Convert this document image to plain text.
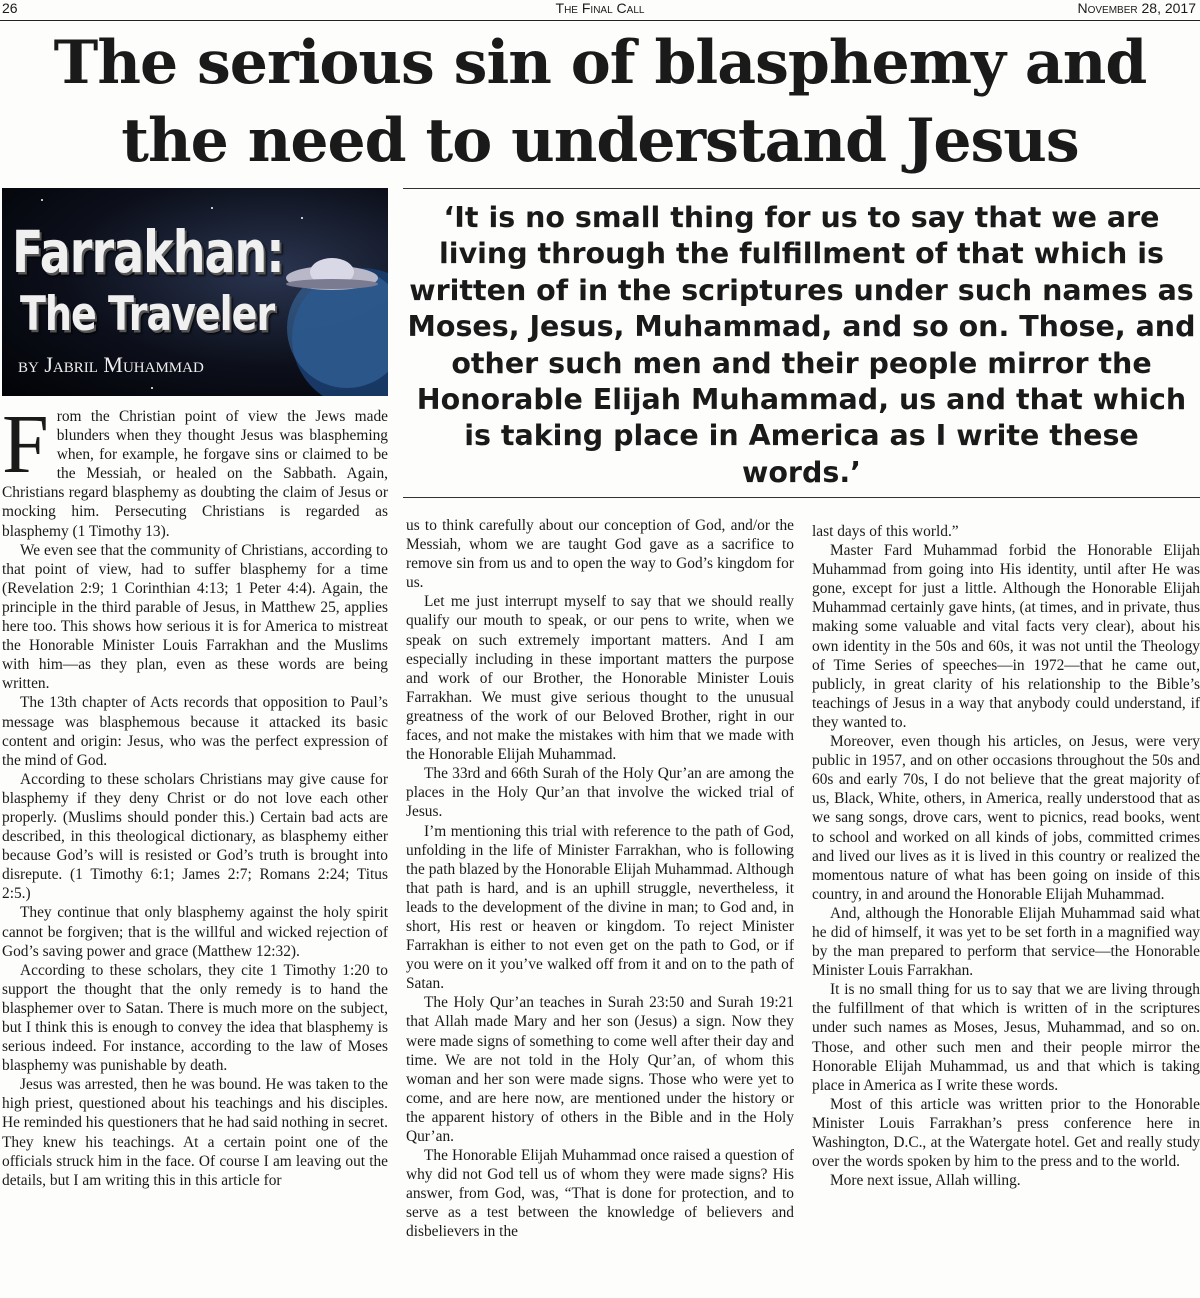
26	The Final Call	November 28, 2017
The serious sin of blasphemy and the need to understand Jesus
Farrakhan:
The Traveler
by Jabril Muhammad

‘It is no small thing for us to say that we are living through the fulfillment of that which is written of in the scriptures under such names as Moses, Jesus, Muhammad, and so on. Those, and other such men and their people mirror the Honorable Elijah Muhammad, us and that which is taking place in America as I write these words.’

From the Christian point of view the Jews made blunders when they thought Jesus was blaspheming when, for example, he forgave sins or claimed to be the Messiah, or healed on the Sabbath. Again, Christians regard blasphemy as doubting the claim of Jesus or mocking him. Persecuting Christians is regarded as blasphemy (1 Timothy 13).

We even see that the community of Christians, according to that point of view, had to suffer blasphemy for a time (Revelation 2:9; 1 Corinthian 4:13; 1 Peter 4:4). Again, the principle in the third parable of Jesus, in Matthew 25, applies here too. This shows how serious it is for America to mistreat the Honorable Minister Louis Farrakhan and the Muslims with him—as they plan, even as these words are being written.

The 13th chapter of Acts records that opposition to Paul’s message was blasphemous because it attacked its basic content and origin: Jesus, who was the perfect expression of the mind of God.

According to these scholars Christians may give cause for blasphemy if they deny Christ or do not love each other properly. (Muslims should ponder this.) Certain bad acts are described, in this theological dictionary, as blasphemy either because God’s will is resisted or God’s truth is brought into disrepute. (1 Timothy 6:1; James 2:7; Romans 2:24; Titus 2:5.)

They continue that only blasphemy against the holy spirit cannot be forgiven; that is the willful and wicked rejection of God’s saving power and grace (Matthew 12:32).

According to these scholars, they cite 1 Timothy 1:20 to support the thought that the only remedy is to hand the blasphemer over to Satan. There is much more on the subject, but I think this is enough to convey the idea that blasphemy is serious indeed. For instance, according to the law of Moses blasphemy was punishable by death.

Jesus was arrested, then he was bound. He was taken to the high priest, questioned about his teachings and his disciples. He reminded his questioners that he had said nothing in secret. They knew his teachings. At a certain point one of the officials struck him in the face. Of course I am leaving out the details, but I am writing this in this article for

us to think carefully about our conception of God, and/or the Messiah, whom we are taught God gave as a sacrifice to remove sin from us and to open the way to God’s kingdom for us.

Let me just interrupt myself to say that we should really qualify our mouth to speak, or our pens to write, when we speak on such extremely important matters. And I am especially including in these important matters the purpose and work of our Brother, the Honorable Minister Louis Farrakhan. We must give serious thought to the unusual greatness of the work of our Beloved Brother, right in our faces, and not make the mistakes with him that we made with the Honorable Elijah Muhammad.

The 33rd and 66th Surah of the Holy Qur’an are among the places in the Holy Qur’an that involve the wicked trial of Jesus.

I’m mentioning this trial with reference to the path of God, unfolding in the life of Minister Farrakhan, who is following the path blazed by the Honorable Elijah Muhammad. Although that path is hard, and is an uphill struggle, nevertheless, it leads to the development of the divine in man; to God and, in short, His rest or heaven or kingdom. To reject Minister Farrakhan is either to not even get on the path to God, or if you were on it you’ve walked off from it and on to the path of Satan.

The Holy Qur’an teaches in Surah 23:50 and Surah 19:21 that Allah made Mary and her son (Jesus) a sign. Now they were made signs of something to come well after their day and time. We are not told in the Holy Qur’an, of whom this woman and her son were made signs. Those who were yet to come, and are here now, are mentioned under the history or the apparent history of others in the Bible and in the Holy Qur’an.

The Honorable Elijah Muhammad once raised a question of why did not God tell us of whom they were made signs? His answer, from God, was, “That is done for protection, and to serve as a test between the knowledge of believers and disbelievers in the

last days of this world.”

Master Fard Muhammad forbid the Honorable Elijah Muhammad from going into His identity, until after He was gone, except for just a little. Although the Honorable Elijah Muhammad certainly gave hints, (at times, and in private, thus making some valuable and vital facts very clear), about his own identity in the 50s and 60s, it was not until the Theology of Time Series of speeches—in 1972—that he came out, publicly, in great clarity of his relationship to the Bible’s teachings of Jesus in a way that anybody could understand, if they wanted to.

Moreover, even though his articles, on Jesus, were very public in 1957, and on other occasions throughout the 50s and 60s and early 70s, I do not believe that the great majority of us, Black, White, others, in America, really understood that as we sang songs, drove cars, went to picnics, read books, went to school and worked on all kinds of jobs, committed crimes and lived our lives as it is lived in this country or realized the momentous nature of what has been going on inside of this country, in and around the Honorable Elijah Muhammad.

And, although the Honorable Elijah Muhammad said what he did of himself, it was yet to be set forth in a magnified way by the man prepared to perform that service—the Honorable Minister Louis Farrakhan.

It is no small thing for us to say that we are living through the fulfillment of that which is written of in the scriptures under such names as Moses, Jesus, Muhammad, and so on. Those, and other such men and their people mirror the Honorable Elijah Muhammad, us and that which is taking place in America as I write these words.

Most of this article was written prior to the Honorable Minister Louis Farrakhan’s press conference here in Washington, D.C., at the Watergate hotel. Get and really study over the words spoken by him to the press and to the world.

More next issue, Allah willing.
